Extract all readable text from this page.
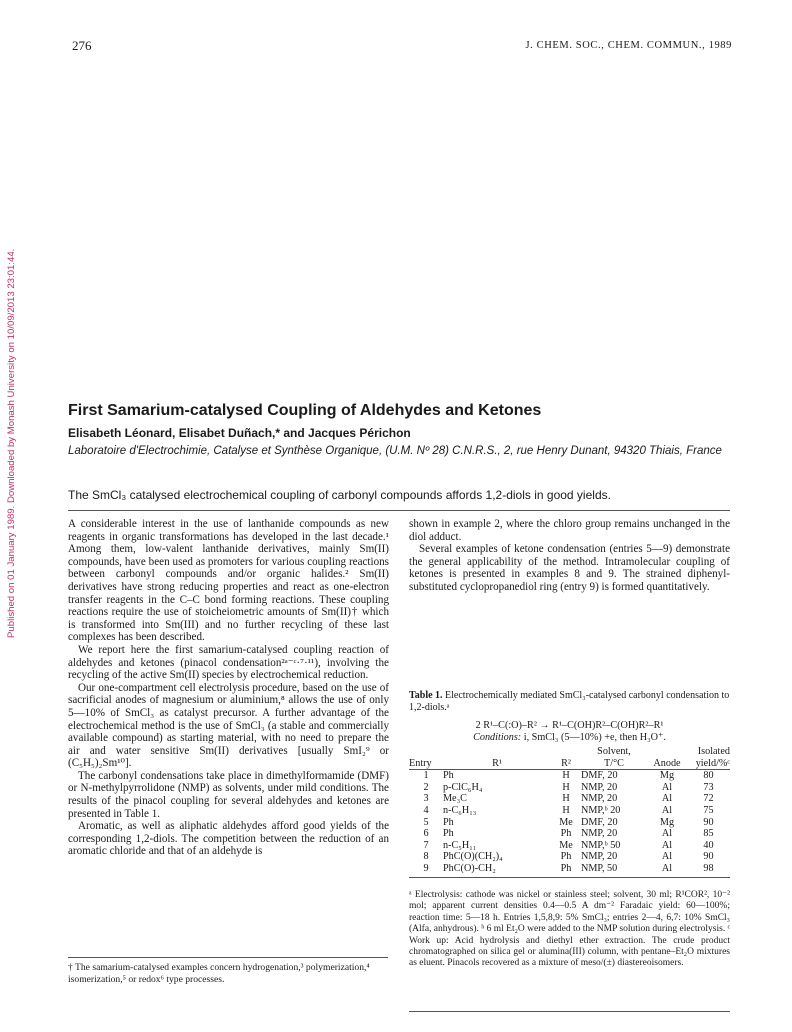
276	J. CHEM. SOC., CHEM. COMMUN., 1989
Published on 01 January 1989. Downloaded by Monash University on 10/09/2013 23:01:44.	First Samarium-catalysed Coupling of Aldehydes and Ketones
Elisabeth Léonard, Elisabet Duñach,* and Jacques Périchon
Laboratoire d'Electrochimie, Catalyse et Synthèse Organique, (U.M. Nº 28) C.N.R.S., 2, rue Henry Dunant, 94320 Thiais, France
The SmCl₃ catalysed electrochemical coupling of carbonyl compounds affords 1,2-diols in good yields.

A considerable interest in the use of lanthanide compounds as new reagents in organic transformations has developed in the last decade.¹ Among them, low-valent lanthanide derivatives, mainly Sm(II) compounds, have been used as promoters for various coupling reactions between carbonyl compounds and/or organic halides.² Sm(II) derivatives have strong reducing properties and react as one-electron transfer reagents in the C–C bond forming reactions. These coupling reactions require the use of stoicheiometric amounts of Sm(II)† which is transformed into Sm(III) and no further recycling of these last complexes has been described.

We report here the first samarium-catalysed coupling reaction of aldehydes and ketones (pinacol condensation²ᵃ⁻ᶜ·⁷·¹¹), involving the recycling of the active Sm(II) species by electrochemical reduction.

Our one-compartment cell electrolysis procedure, based on the use of sacrificial anodes of magnesium or aluminium,⁸ allows the use of only 5—10% of SmCl₃ as catalyst precursor. A further advantage of the electrochemical method is the use of SmCl₃ (a stable and commercially available compound) as starting material, with no need to prepare the air and water sensitive Sm(II) derivatives [usually SmI₂⁹ or (C₅H₅)₂Sm¹⁰].

The carbonyl condensations take place in dimethylformamide (DMF) or N-methylpyrrolidone (NMP) as solvents, under mild conditions. The results of the pinacol coupling for several aldehydes and ketones are presented in Table 1.

Aromatic, as well as aliphatic aldehydes afford good yields of the corresponding 1,2-diols. The competition between the reduction of an aromatic chloride and that of an aldehyde is

† The samarium-catalysed examples concern hydrogenation,³ polymerization,⁴ isomerization,⁵ or redox⁶ type processes.

shown in example 2, where the chloro group remains unchanged in the diol adduct.

Several examples of ketone condensation (entries 5—9) demonstrate the general applicability of the method. Intramolecular coupling of ketones is presented in examples 8 and 9. The strained diphenyl-substituted cyclopropanediol ring (entry 9) is formed quantitatively.

Table 1. Electrochemically mediated SmCl₃-catalysed carbonyl condensation to 1,2-diols.ᵃ
2 R¹–C(:O)–R² → R¹–C(OH)R²–C(OH)R²–R¹
Conditions: i, SmCl₃ (5—10%) +e, then H₃O⁺.
			Solvent,		Isolated
Entry	R¹	R²	T/°C	Anode	yield/%ᶜ
1	Ph	H	DMF, 20	Mg	80
2	p-ClC₆H₄	H	NMP, 20	Al	73
3	Me₃C	H	NMP, 20	Al	72
4	n-C₆H₁₃	H	NMP,ᵇ 20	Al	75
5	Ph	Me	DMF, 20	Mg	90
6	Ph	Ph	NMP, 20	Al	85
7	n-C₅H₁₁	Me	NMP,ᵇ 50	Al	40
8	PhC(O)(CH₂)₄	Ph	NMP, 20	Al	90
9	PhC(O)-CH₂	Ph	NMP, 50	Al	98
ᵃ Electrolysis: cathode was nickel or stainless steel; solvent, 30 ml; R¹COR², 10⁻² mol; apparent current densities 0.4—0.5 A dm⁻² Faradaic yield: 60—100%; reaction time: 5—18 h. Entries 1,5,8,9: 5% SmCl₃; entries 2—4, 6,7: 10% SmCl₃ (Alfa, anhydrous). ᵇ 6 ml Et₂O were added to the NMP solution during electrolysis. ᶜ Work up: Acid hydrolysis and diethyl ether extraction. The crude product chromatographed on silica gel or alumina(III) column, with pentane–Et₂O mixtures as eluent. Pinacols recovered as a mixture of meso/(±) diastereoisomers.
